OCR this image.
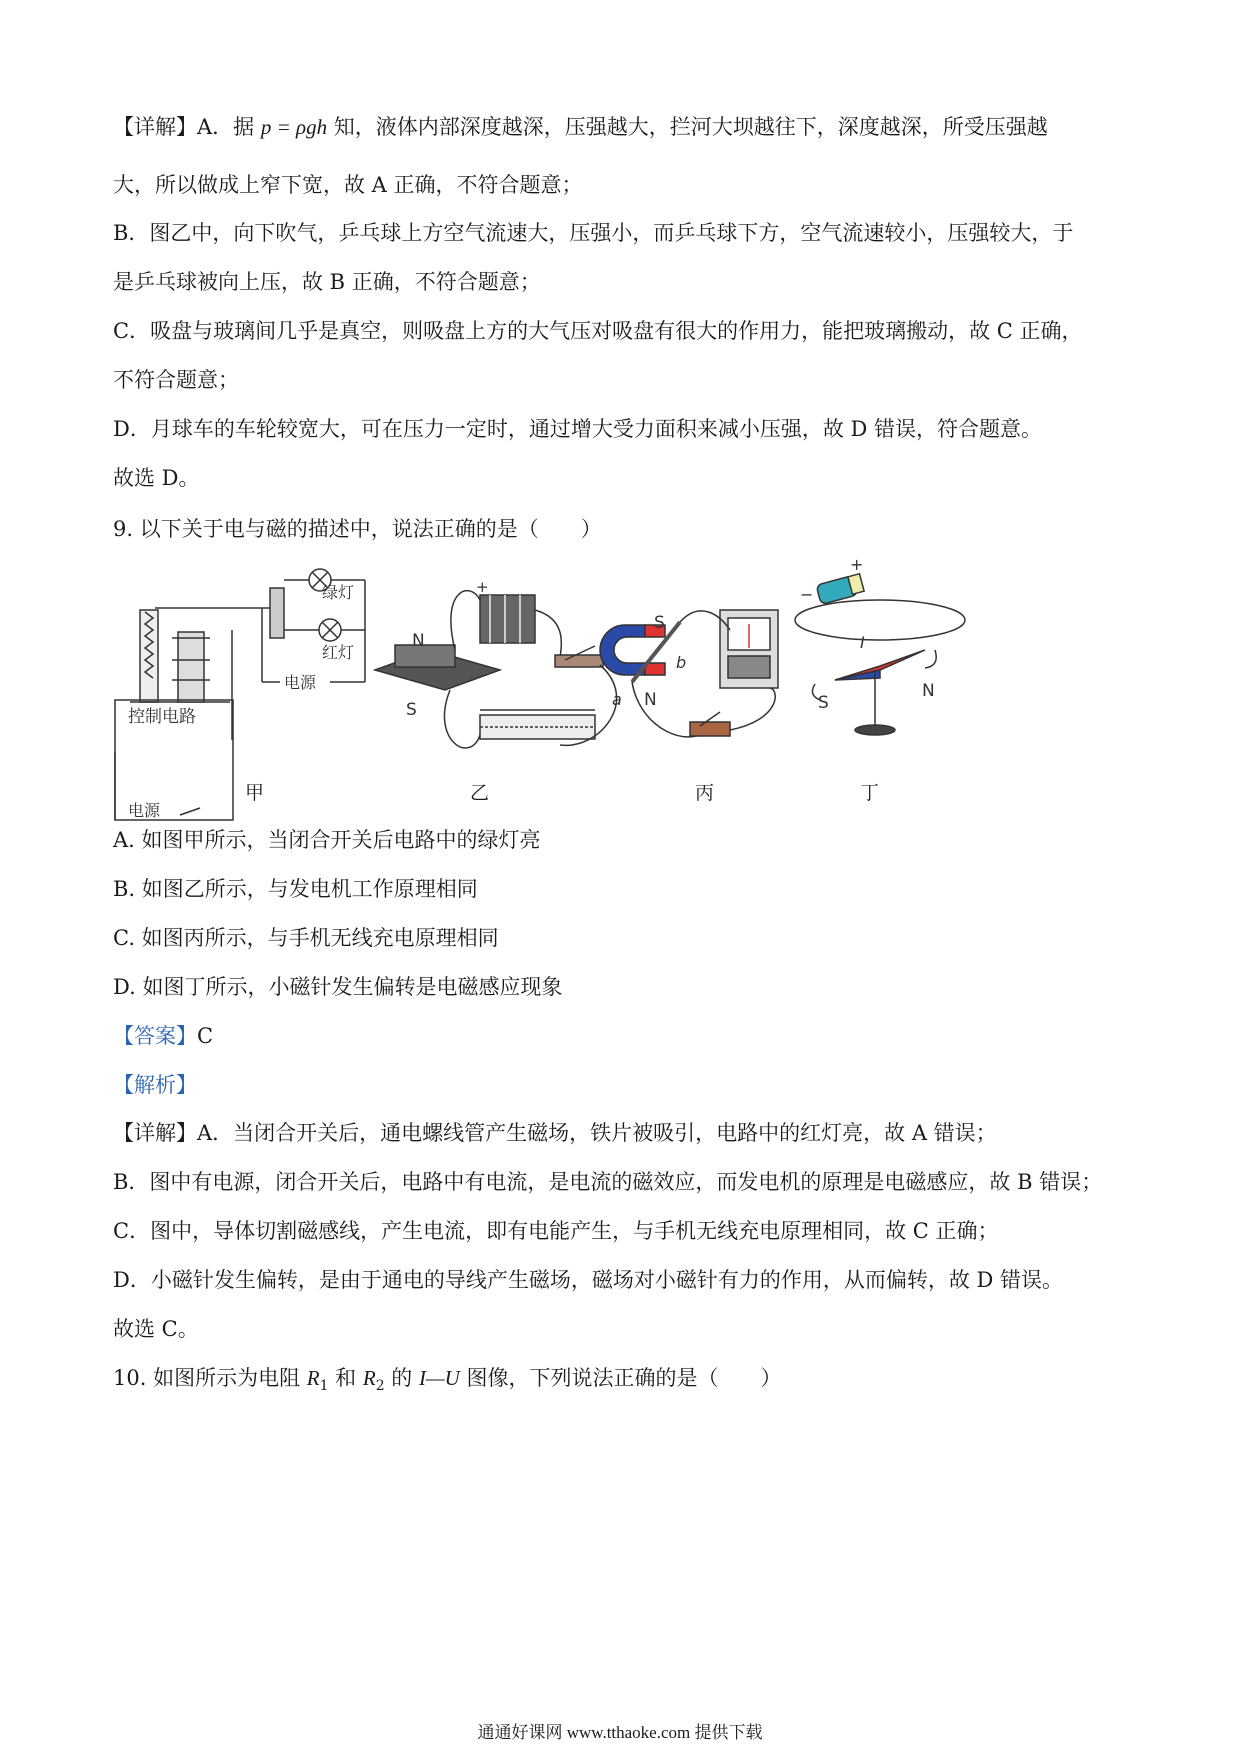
【详解】A．据 p = ρgh 知，液体内部深度越深，压强越大，拦河大坝越往下，深度越深，所受压强越
大，所以做成上窄下宽，故 A 正确，不符合题意；
B．图乙中，向下吹气，乒乓球上方空气流速大，压强小，而乒乓球下方，空气流速较小，压强较大，于
是乒乓球被向上压，故 B 正确，不符合题意；
C．吸盘与玻璃间几乎是真空，则吸盘上方的大气压对吸盘有很大的作用力，能把玻璃搬动，故 C 正确，
不符合题意；
D．月球车的车轮较宽大，可在压力一定时，通过增大受力面积来减小压强，故 D 错误，符合题意。
故选 D。
9. 以下关于电与磁的描述中，说法正确的是（　　）
绿灯
红灯
电源
控制电路
电源
N
S
+
S
N
a
b
+
−
I
S
N
甲	乙	丙	丁
A. 如图甲所示，当闭合开关后电路中的绿灯亮
B. 如图乙所示，与发电机工作原理相同
C. 如图丙所示，与手机无线充电原理相同
D. 如图丁所示，小磁针发生偏转是电磁感应现象
【答案】C
【解析】
【详解】A．当闭合开关后，通电螺线管产生磁场，铁片被吸引，电路中的红灯亮，故 A 错误；
B．图中有电源，闭合开关后，电路中有电流，是电流的磁效应，而发电机的原理是电磁感应，故 B 错误；
C．图中，导体切割磁感线，产生电流，即有电能产生，与手机无线充电原理相同，故 C 正确；
D．小磁针发生偏转，是由于通电的导线产生磁场，磁场对小磁针有力的作用，从而偏转，故 D 错误。
故选 C。
10. 如图所示为电阻 $R_1$ 和 $R_2$ 的 I—U 图像，下列说法正确的是（　　）
通通好课网 www.tthaoke.com 提供下载
